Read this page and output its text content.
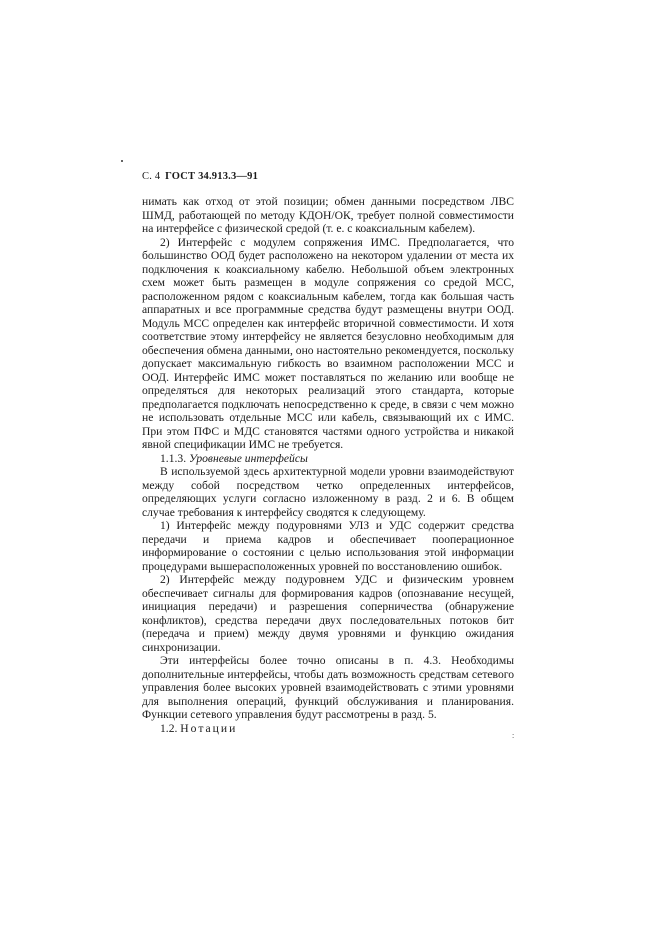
С. 4 ГОСТ 34.913.3—91

нимать как отход от этой позиции; обмен данными посредством ЛВС ШМД, работающей по методу КДОН/ОК, требует полной совместимости на интерфейсе с физической средой (т. е. с коаксиальным кабелем).

2) Интерфейс с модулем сопряжения ИМС. Предполагается, что большинство ООД будет расположено на некотором удалении от места их подключения к коаксиальному кабелю. Небольшой объем электронных схем может быть размещен в модуле сопряжения со средой МСС, расположенном рядом с коаксиальным кабелем, тогда как большая часть аппаратных и все программные средства будут размещены внутри ООД. Модуль МСС определен как интерфейс вторичной совместимости. И хотя соответствие этому интерфейсу не является безусловно необходимым для обеспечения обмена данными, оно настоятельно рекомендуется, поскольку допускает максимальную гибкость во взаимном расположении МСС и ООД. Интерфейс ИМС может поставляться по желанию или вообще не определяться для некоторых реализаций этого стандарта, которые предполагается подключать непосредственно к среде, в связи с чем можно не использовать отдельные МСС или кабель, связывающий их с ИМС. При этом ПФС и МДС становятся частями одного устройства и никакой явной спецификации ИМС не требуется.

1.1.3. Уровневые интерфейсы

В используемой здесь архитектурной модели уровни взаимодействуют между собой посредством четко определенных интерфейсов, определяющих услуги согласно изложенному в разд. 2 и 6. В общем случае требования к интерфейсу сводятся к следующему.

1) Интерфейс между подуровнями УЛЗ и УДС содержит средства передачи и приема кадров и обеспечивает пооперационное информирование о состоянии с целью использования этой информации процедурами вышерасположенных уровней по восстановлению ошибок.

2) Интерфейс между подуровнем УДС и физическим уровнем обеспечивает сигналы для формирования кадров (опознавание несущей, инициация передачи) и разрешения соперничества (обнаружение конфликтов), средства передачи двух последовательных потоков бит (передача и прием) между двумя уровнями и функцию ожидания синхронизации.

Эти интерфейсы более точно описаны в п. 4.3. Необходимы дополнительные интерфейсы, чтобы дать возможность средствам сетевого управления более высоких уровней взаимодействовать с этими уровнями для выполнения операций, функций обслуживания и планирования. Функции сетевого управления будут рассмотрены в разд. 5.

1.2. Нотации

:
